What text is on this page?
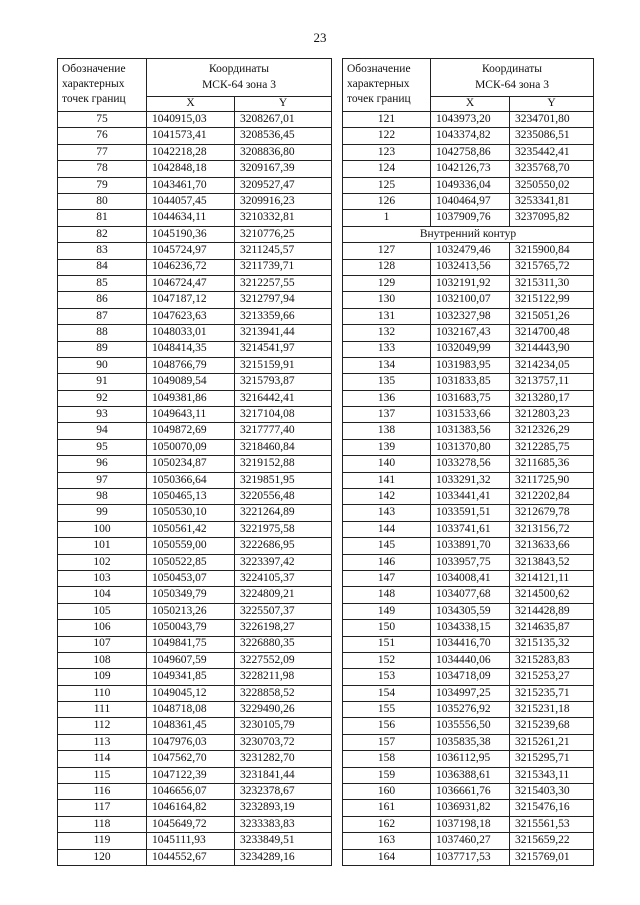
23
Обозначение характерных точек границ	Координаты
МСК-64 зона 3	
	X	Y
75	1040915,03	3208267,01
76	1041573,41	3208536,45
77	1042218,28	3208836,80
78	1042848,18	3209167,39
79	1043461,70	3209527,47
80	1044057,45	3209916,23
81	1044634,11	3210332,81
82	1045190,36	3210776,25
83	1045724,97	3211245,57
84	1046236,72	3211739,71
85	1046724,47	3212257,55
86	1047187,12	3212797,94
87	1047623,63	3213359,66
88	1048033,01	3213941,44
89	1048414,35	3214541,97
90	1048766,79	3215159,91
91	1049089,54	3215793,87
92	1049381,86	3216442,41
93	1049643,11	3217104,08
94	1049872,69	3217777,40
95	1050070,09	3218460,84
96	1050234,87	3219152,88
97	1050366,64	3219851,95
98	1050465,13	3220556,48
99	1050530,10	3221264,89
100	1050561,42	3221975,58
101	1050559,00	3222686,95
102	1050522,85	3223397,42
103	1050453,07	3224105,37
104	1050349,79	3224809,21
105	1050213,26	3225507,37
106	1050043,79	3226198,27
107	1049841,75	3226880,35
108	1049607,59	3227552,09
109	1049341,85	3228211,98
110	1049045,12	3228858,52
111	1048718,08	3229490,26
112	1048361,45	3230105,79
113	1047976,03	3230703,72
114	1047562,70	3231282,70
115	1047122,39	3231841,44
116	1046656,07	3232378,67
117	1046164,82	3232893,19
118	1045649,72	3233383,83
119	1045111,93	3233849,51
120	1044552,67	3234289,16
Обозначение характерных точек границ	Координаты
МСК-64 зона 3	
	X	Y
121	1043973,20	3234701,80
122	1043374,82	3235086,51
123	1042758,86	3235442,41
124	1042126,73	3235768,70
125	1049336,04	3250550,02
126	1040464,97	3253341,81
1	1037909,76	3237095,82
Внутренний контур		
127	1032479,46	3215900,84
128	1032413,56	3215765,72
129	1032191,92	3215311,30
130	1032100,07	3215122,99
131	1032327,98	3215051,26
132	1032167,43	3214700,48
133	1032049,99	3214443,90
134	1031983,95	3214234,05
135	1031833,85	3213757,11
136	1031683,75	3213280,17
137	1031533,66	3212803,23
138	1031383,56	3212326,29
139	1031370,80	3212285,75
140	1033278,56	3211685,36
141	1033291,32	3211725,90
142	1033441,41	3212202,84
143	1033591,51	3212679,78
144	1033741,61	3213156,72
145	1033891,70	3213633,66
146	1033957,75	3213843,52
147	1034008,41	3214121,11
148	1034077,68	3214500,62
149	1034305,59	3214428,89
150	1034338,15	3214635,87
151	1034416,70	3215135,32
152	1034440,06	3215283,83
153	1034718,09	3215253,27
154	1034997,25	3215235,71
155	1035276,92	3215231,18
156	1035556,50	3215239,68
157	1035835,38	3215261,21
158	1036112,95	3215295,71
159	1036388,61	3215343,11
160	1036661,76	3215403,30
161	1036931,82	3215476,16
162	1037198,18	3215561,53
163	1037460,27	3215659,22
164	1037717,53	3215769,01
